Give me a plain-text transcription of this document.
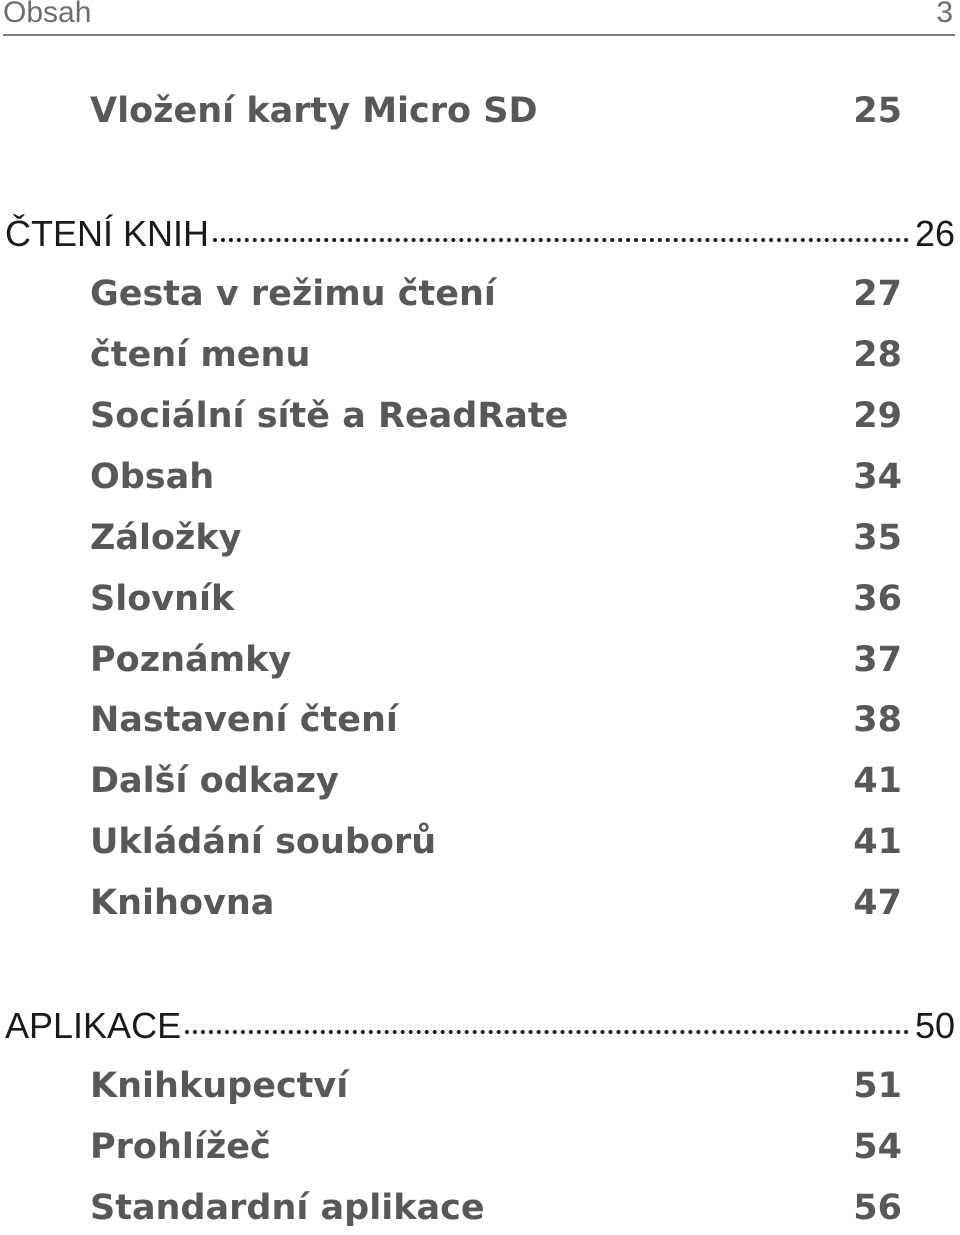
Obsah	3
Vložení karty Micro SD	25
ČTENÍ KNIH	26
Gesta v režimu čtení	27
čtení menu	28
Sociální sítě a ReadRate	29
Obsah	34
Záložky	35
Slovník	36
Poznámky	37
Nastavení čtení	38
Další odkazy	41
Ukládání souborů	41
Knihovna	47
APLIKACE	50
Knihkupectví	51
Prohlížeč	54
Standardní aplikace	56
